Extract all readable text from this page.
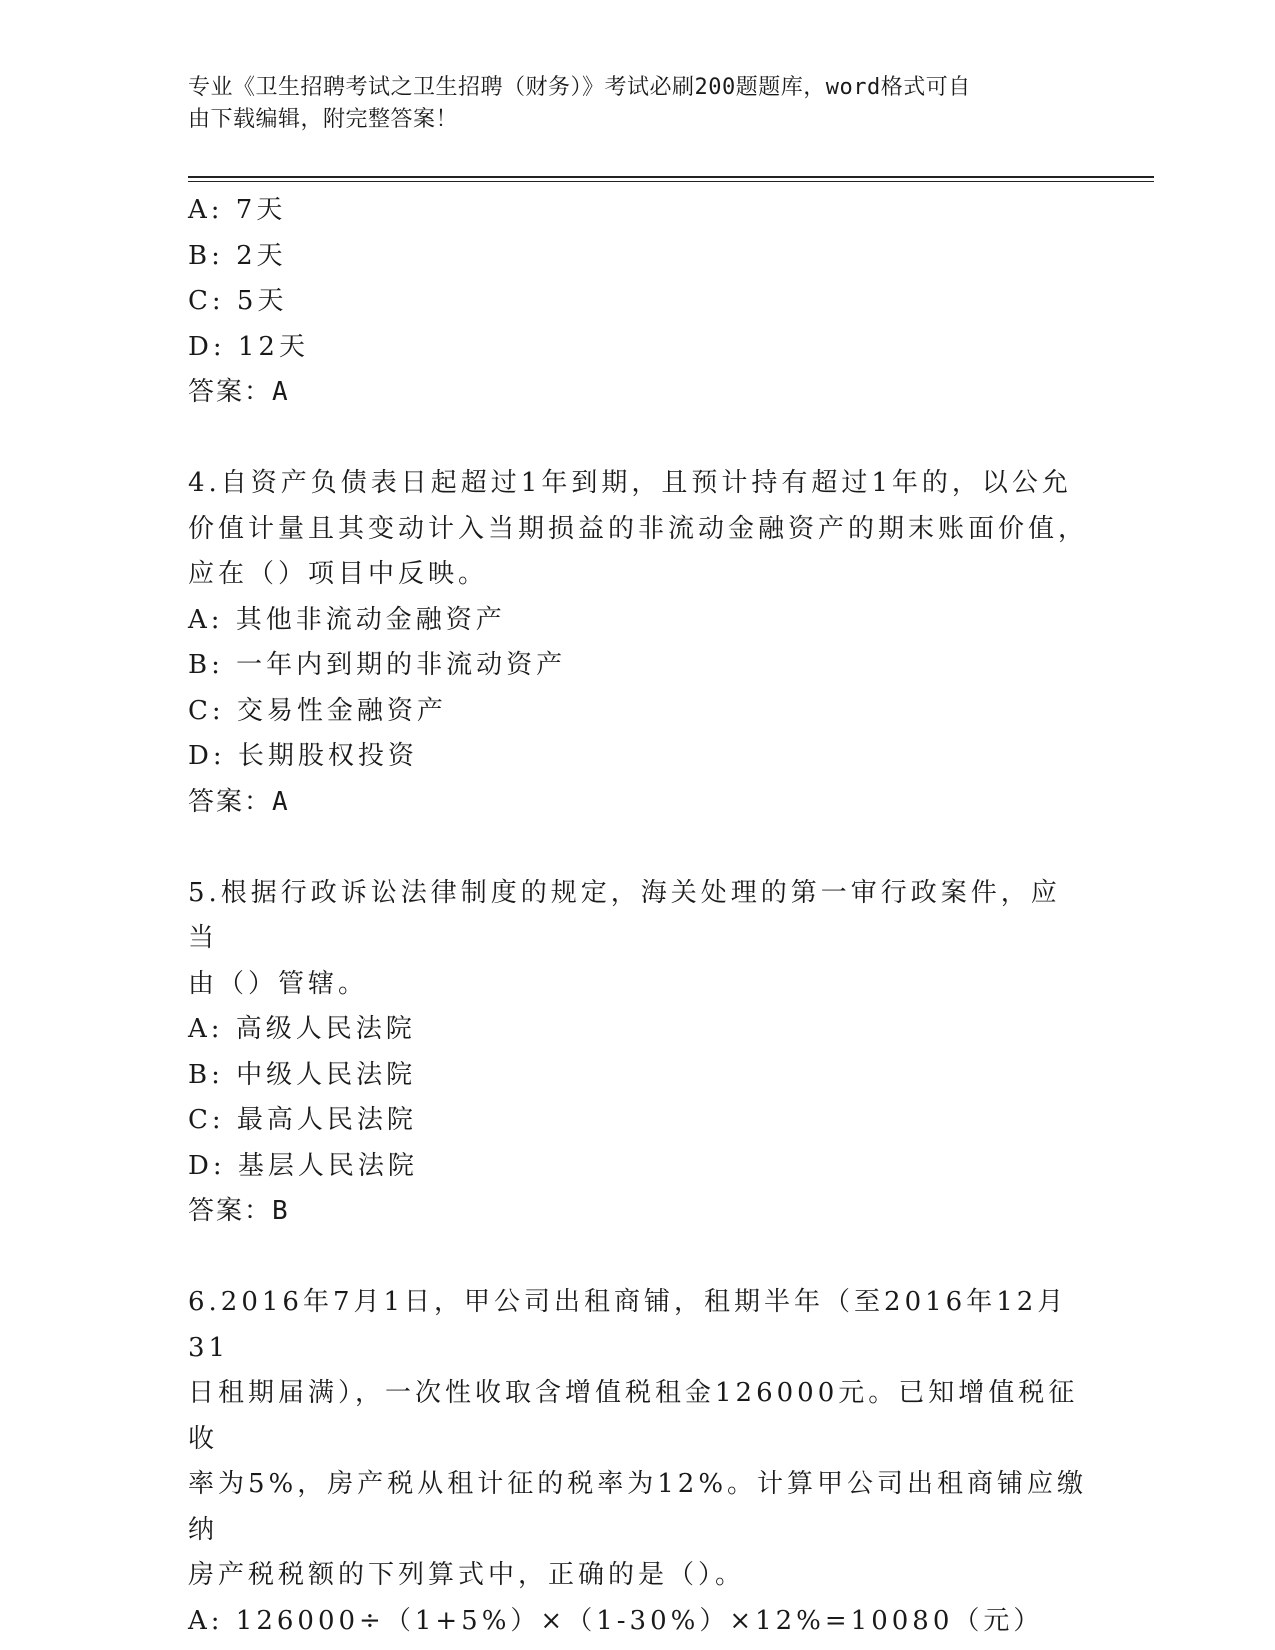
专业《卫生招聘考试之卫生招聘（财务）》考试必刷200题题库，word格式可自
由下载编辑，附完整答案！
A: 7天
B: 2天
C: 5天
D: 12天
答案：A
4.自资产负债表日起超过1年到期，且预计持有超过1年的，以公允
价值计量且其变动计入当期损益的非流动金融资产的期末账面价值，
应在（）项目中反映。
A: 其他非流动金融资产
B: 一年内到期的非流动资产
C: 交易性金融资产
D: 长期股权投资
答案：A
5.根据行政诉讼法律制度的规定，海关处理的第一审行政案件，应当
由（）管辖。
A: 高级人民法院
B: 中级人民法院
C: 最高人民法院
D: 基层人民法院
答案：B
6.2016年7月1日，甲公司出租商铺，租期半年（至2016年12月31
日租期届满），一次性收取含增值税租金126000元。已知增值税征收
率为5%，房产税从租计征的税率为12%。计算甲公司出租商铺应缴纳
房产税税额的下列算式中，正确的是（）。
A: 126000÷（1+5%）×（1-30%）×12%=10080（元）
